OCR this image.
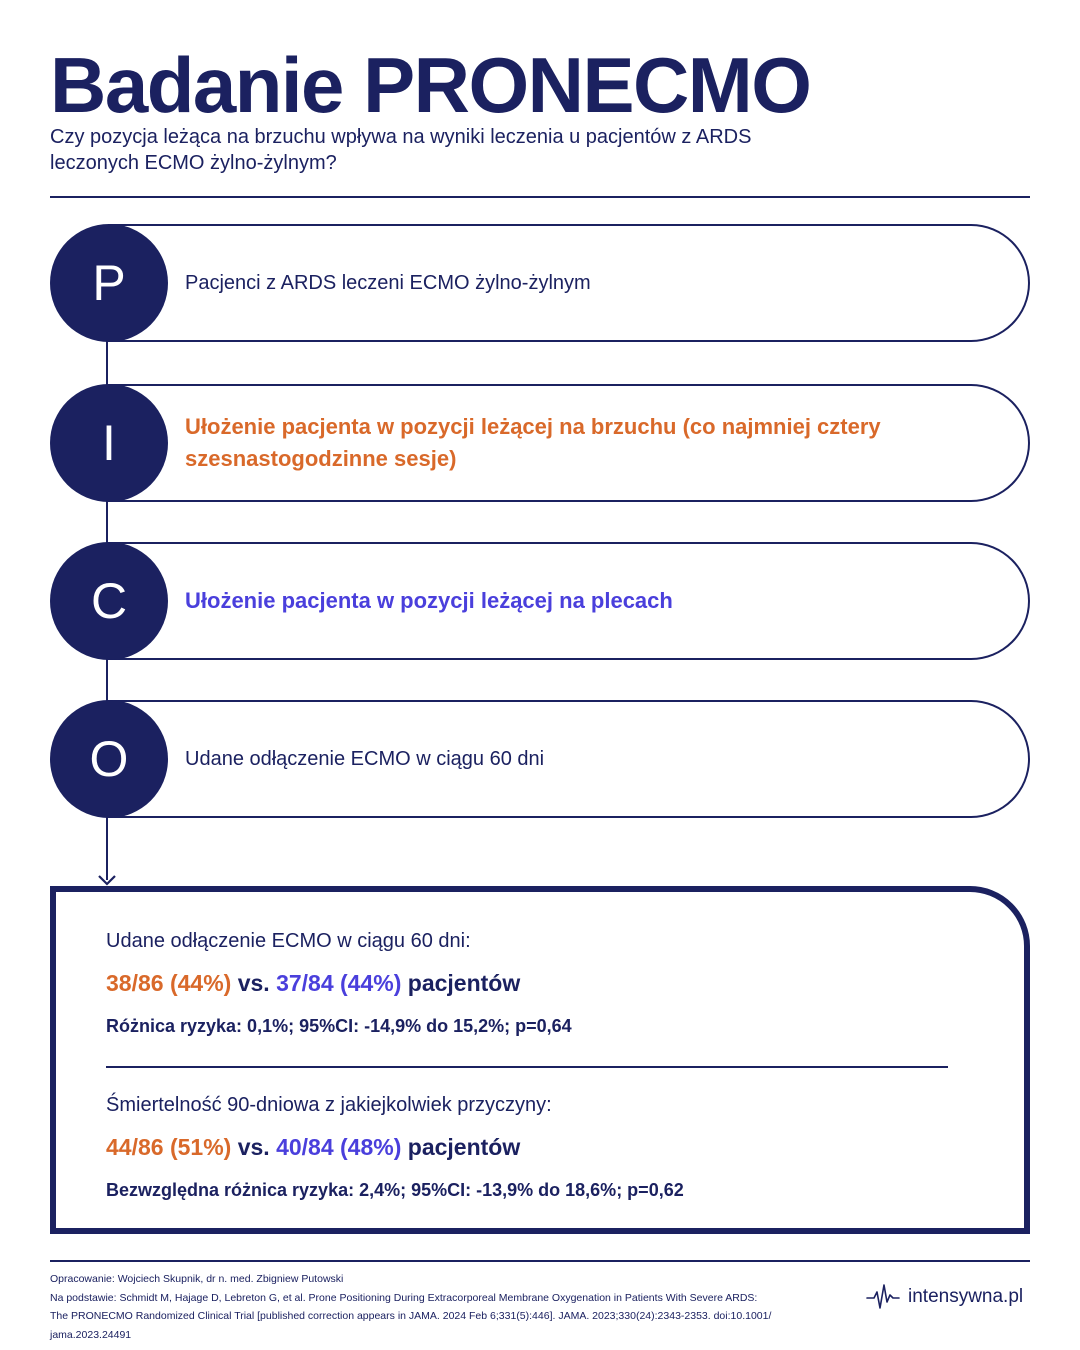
Badanie PRONECMO
Czy pozycja leżąca na brzuchu wpływa na wyniki leczenia u pacjentów z ARDS
leczonych ECMO żylno-żylnym?
P	Pacjenci z ARDS leczeni ECMO żylno-żylnym
I	Ułożenie pacjenta w pozycji leżącej na brzuchu (co najmniej cztery
szesnastogodzinne sesje)
C	Ułożenie pacjenta w pozycji leżącej na plecach
O	Udane odłączenie ECMO w ciągu 60 dni
Udane odłączenie ECMO w ciągu 60 dni:
38/86 (44%) vs. 37/84 (44%) pacjentów
Różnica ryzyka: 0,1%; 95%CI: -14,9% do 15,2%; p=0,64
Śmiertelność 90-dniowa z jakiejkolwiek przyczyny:
44/86 (51%) vs. 40/84 (48%) pacjentów
Bezwzględna różnica ryzyka: 2,4%; 95%CI: -13,9% do 18,6%; p=0,62
Opracowanie: Wojciech Skupnik, dr n. med. Zbigniew Putowski
Na podstawie: Schmidt M, Hajage D, Lebreton G, et al. Prone Positioning During Extracorporeal Membrane Oxygenation in Patients With Severe ARDS:
The PRONECMO Randomized Clinical Trial [published correction appears in JAMA. 2024 Feb 6;331(5):446]. JAMA. 2023;330(24):2343-2353. doi:10.1001/
jama.2023.24491
intensywna.pl
